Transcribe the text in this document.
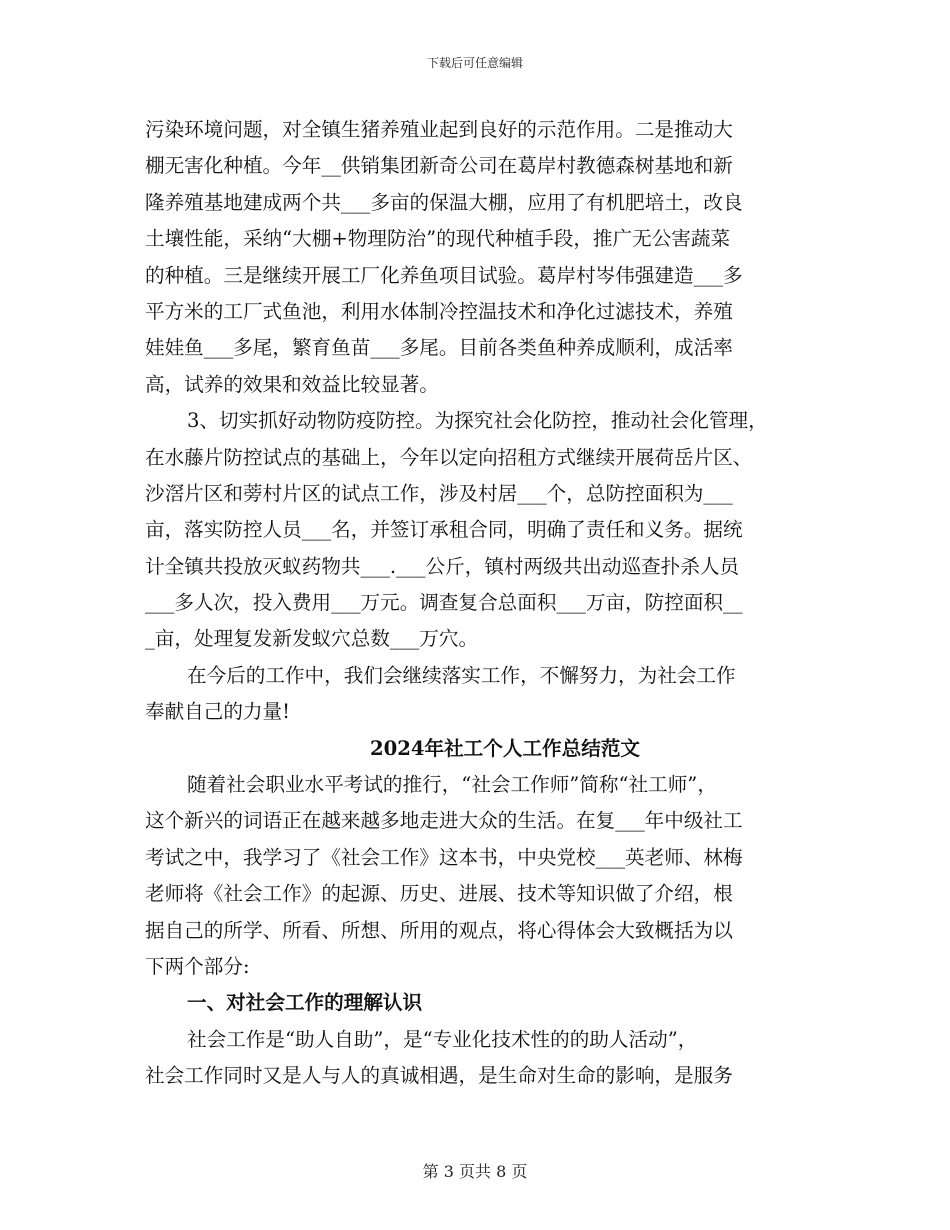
下载后可任意编辑
污染环境问题，对全镇生猪养殖业起到良好的示范作用。二是推动大
棚无害化种植。今年__供销集团新奇公司在葛岸村教德森树基地和新
隆养殖基地建成两个共___多亩的保温大棚，应用了有机肥培土，改良
土壤性能，采纳“大棚+物理防治”的现代种植手段，推广无公害蔬菜
的种植。三是继续开展工厂化养鱼项目试验。葛岸村岑伟强建造___多
平方米的工厂式鱼池，利用水体制冷控温技术和净化过滤技术，养殖
娃娃鱼___多尾，繁育鱼苗___多尾。目前各类鱼种养成顺利，成活率
高，试养的效果和效益比较显著。
3、切实抓好动物防疫防控。为探究社会化防控，推动社会化管理，
在水藤片防控试点的基础上，今年以定向招租方式继续开展荷岳片区、
沙滘片区和蒡村片区的试点工作，涉及村居___个，总防控面积为___
亩，落实防控人员___名，并签订承租合同，明确了责任和义务。据统
计全镇共投放灭蚁药物共___.___公斤，镇村两级共出动巡查扑杀人员
___多人次，投入费用___万元。调查复合总面积___万亩，防控面积__
_亩，处理复发新发蚁穴总数___万穴。
在今后的工作中，我们会继续落实工作，不懈努力，为社会工作
奉献自己的力量!
2024年社工个人工作总结范文
随着社会职业水平考试的推行，“社会工作师”简称“社工师”，
这个新兴的词语正在越来越多地走进大众的生活。在复___年中级社工
考试之中，我学习了《社会工作》这本书，中央党校___英老师、林梅
老师将《社会工作》的起源、历史、进展、技术等知识做了介绍，根
据自己的所学、所看、所想、所用的观点，将心得体会大致概括为以
下两个部分:
一、对社会工作的理解认识
社会工作是“助人自助”，是“专业化技术性的的助人活动”，
社会工作同时又是人与人的真诚相遇，是生命对生命的影响，是服务
第 3 页共 8 页
